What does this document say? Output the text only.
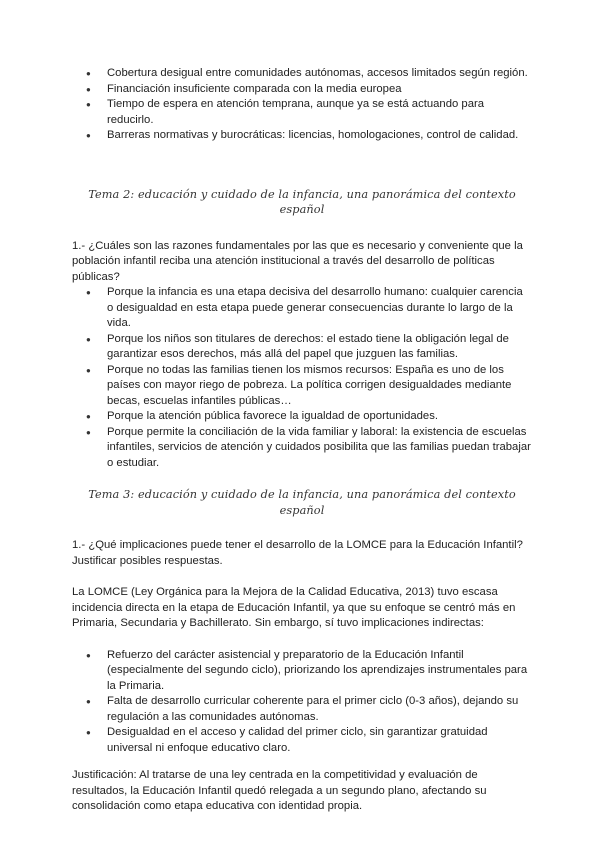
● Cobertura desigual entre comunidades autónomas, accesos limitados según región.
● Financiación insuficiente comparada con la media europea
● Tiempo de espera en atención temprana, aunque ya se está actuando para reducirlo.
● Barreras normativas y burocráticas: licencias, homologaciones, control de calidad.
Tema 2: educación y cuidado de la infancia, una panorámica del contexto español

1.- ¿Cuáles son las razones fundamentales por las que es necesario y conveniente que la población infantil reciba una atención institucional a través del desarrollo de políticas públicas?

● Porque la infancia es una etapa decisiva del desarrollo humano: cualquier carencia o desigualdad en esta etapa puede generar consecuencias durante lo largo de la vida.
● Porque los niños son titulares de derechos: el estado tiene la obligación legal de garantizar esos derechos, más allá del papel que juzguen las familias.
● Porque no todas las familias tienen los mismos recursos: España es uno de los países con mayor riego de pobreza. La política corrigen desigualdades mediante becas, escuelas infantiles públicas…
● Porque la atención pública favorece la igualdad de oportunidades.
● Porque permite la conciliación de la vida familiar y laboral: la existencia de escuelas infantiles, servicios de atención y cuidados posibilita que las familias puedan trabajar o estudiar.
Tema 3: educación y cuidado de la infancia, una panorámica del contexto español

1.- ¿Qué implicaciones puede tener el desarrollo de la LOMCE para la Educación Infantil? Justificar posibles respuestas.

La LOMCE (Ley Orgánica para la Mejora de la Calidad Educativa, 2013) tuvo escasa incidencia directa en la etapa de Educación Infantil, ya que su enfoque se centró más en Primaria, Secundaria y Bachillerato. Sin embargo, sí tuvo implicaciones indirectas:

● Refuerzo del carácter asistencial y preparatorio de la Educación Infantil (especialmente del segundo ciclo), priorizando los aprendizajes instrumentales para la Primaria.
● Falta de desarrollo curricular coherente para el primer ciclo (0-3 años), dejando su regulación a las comunidades autónomas.
● Desigualdad en el acceso y calidad del primer ciclo, sin garantizar gratuidad universal ni enfoque educativo claro.

Justificación: Al tratarse de una ley centrada en la competitividad y evaluación de resultados, la Educación Infantil quedó relegada a un segundo plano, afectando su consolidación como etapa educativa con identidad propia.
